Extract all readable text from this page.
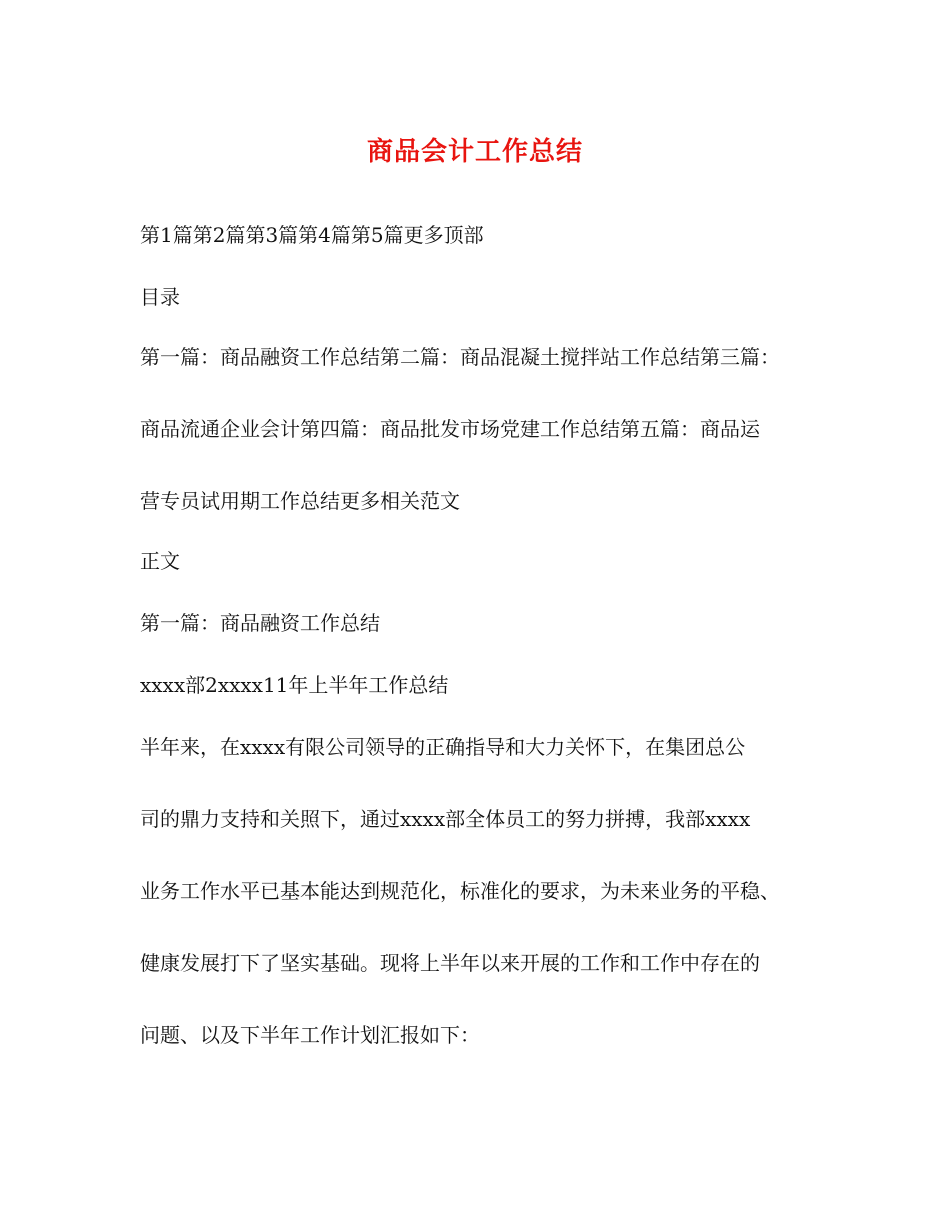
商品会计工作总结
第1篇第2篇第3篇第4篇第5篇更多顶部
目录
第一篇：商品融资工作总结第二篇：商品混凝土搅拌站工作总结第三篇：
商品流通企业会计第四篇：商品批发市场党建工作总结第五篇：商品运
营专员试用期工作总结更多相关范文
正文
第一篇：商品融资工作总结
xxxx部2xxxx11年上半年工作总结
半年来，在xxxx有限公司领导的正确指导和大力关怀下，在集团总公
司的鼎力支持和关照下，通过xxxx部全体员工的努力拼搏，我部xxxx
业务工作水平已基本能达到规范化，标准化的要求，为未来业务的平稳、
健康发展打下了坚实基础。现将上半年以来开展的工作和工作中存在的
问题、以及下半年工作计划汇报如下：
